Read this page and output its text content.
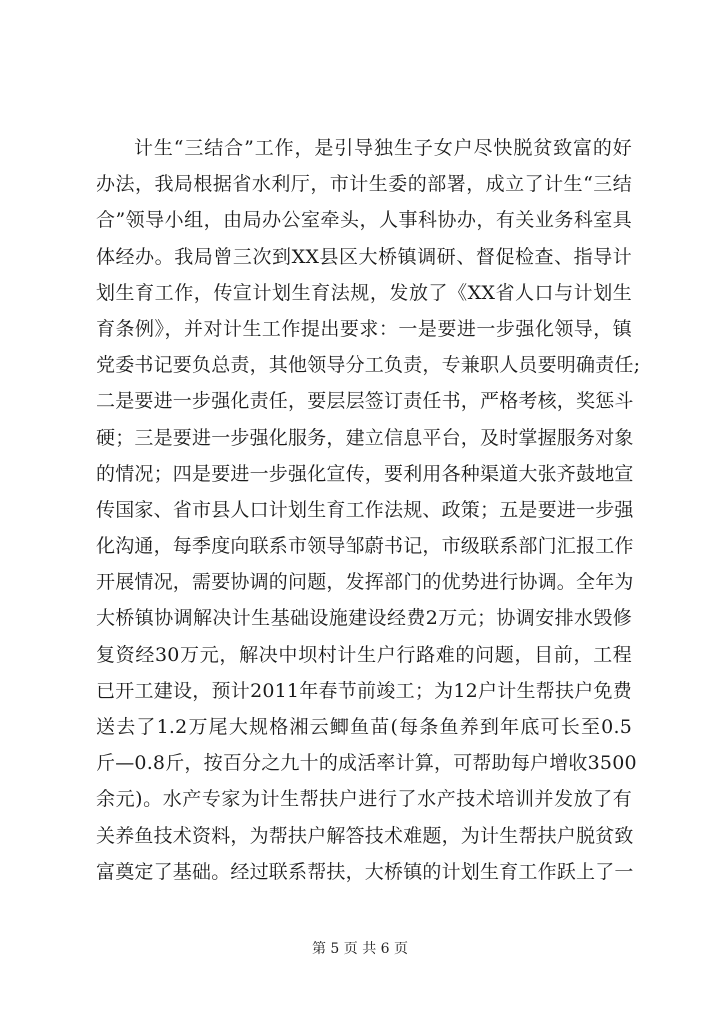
计生“三结合”工作，是引导独生子女户尽快脱贫致富的好
办法，我局根据省水利厅，市计生委的部署，成立了计生“三结
合”领导小组，由局办公室牵头，人事科协办，有关业务科室具
体经办。我局曾三次到XX县区大桥镇调研、督促检查、指导计
划生育工作，传宣计划生育法规，发放了《XX省人口与计划生
育条例》，并对计生工作提出要求：一是要进一步强化领导，镇
党委书记要负总责，其他领导分工负责，专兼职人员要明确责任;
二是要进一步强化责任，要层层签订责任书，严格考核，奖惩斗
硬；三是要进一步强化服务，建立信息平台，及时掌握服务对象
的情况；四是要进一步强化宣传，要利用各种渠道大张齐鼓地宣
传国家、省市县人口计划生育工作法规、政策；五是要进一步强
化沟通，每季度向联系市领导邹蔚书记，市级联系部门汇报工作
开展情况，需要协调的问题，发挥部门的优势进行协调。全年为
大桥镇协调解决计生基础设施建设经费2万元；协调安排水毁修
复资经30万元，解决中坝村计生户行路难的问题，目前，工程
已开工建设，预计2011年春节前竣工；为12户计生帮扶户免费
送去了1.2万尾大规格湘云鲫鱼苗(每条鱼养到年底可长至0.5
斤—0.8斤，按百分之九十的成活率计算，可帮助每户增收3500
余元)。水产专家为计生帮扶户进行了水产技术培训并发放了有
关养鱼技术资料，为帮扶户解答技术难题，为计生帮扶户脱贫致
富奠定了基础。经过联系帮扶，大桥镇的计划生育工作跃上了一
第 5 页 共 6 页
